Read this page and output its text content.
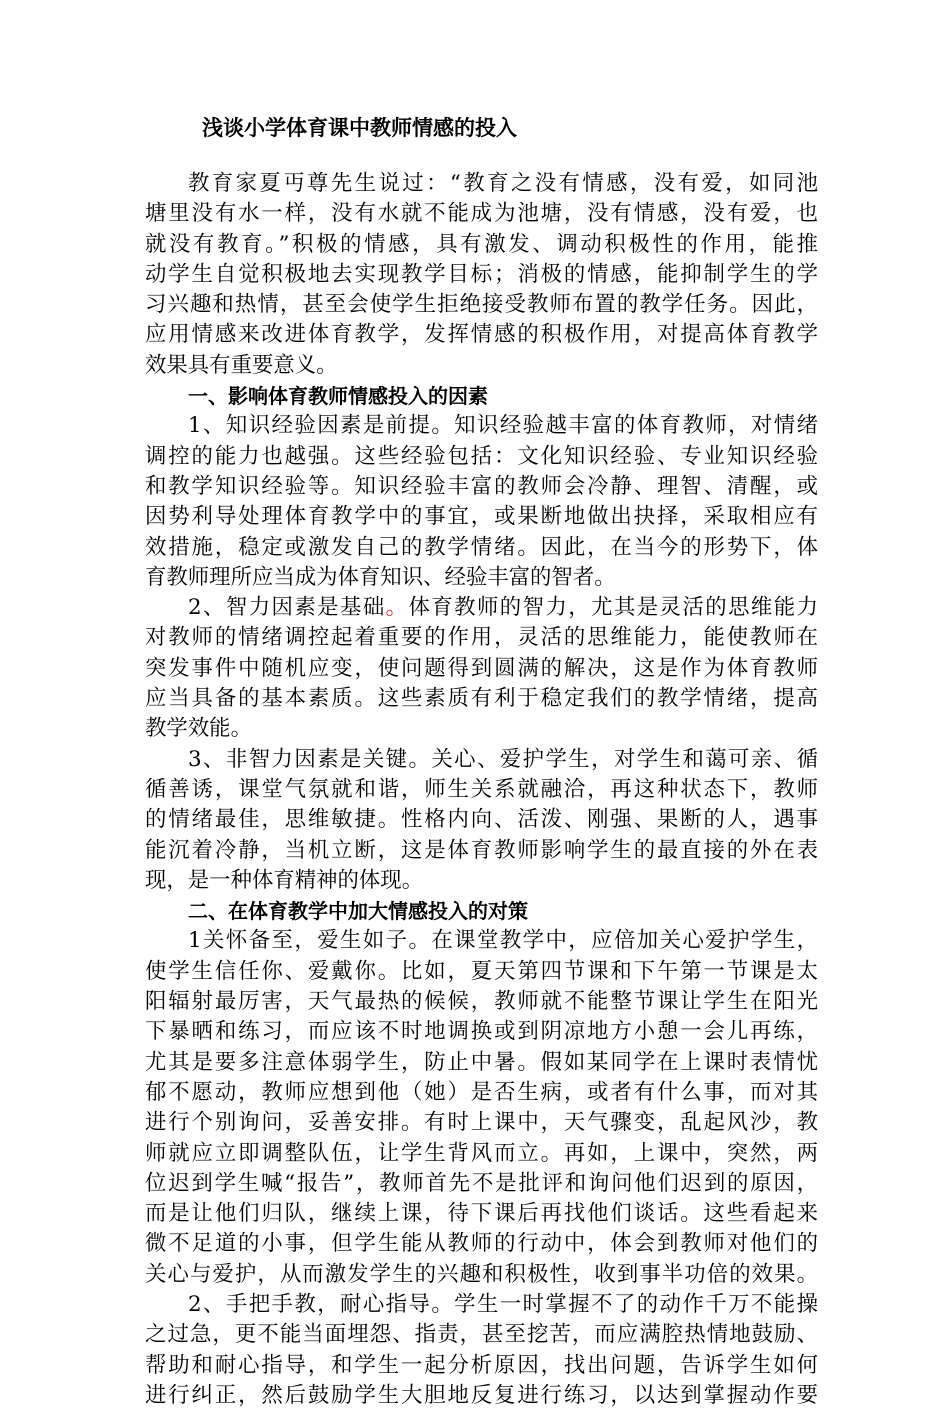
浅谈小学体育课中教师情感的投入
教育家夏丏尊先生说过：“教育之没有情感，没有爱，如同池
塘里没有水一样，没有水就不能成为池塘，没有情感，没有爱，也
就没有教育。”积极的情感，具有激发、调动积极性的作用，能推
动学生自觉积极地去实现教学目标；消极的情感，能抑制学生的学
习兴趣和热情，甚至会使学生拒绝接受教师布置的教学任务。因此，
应用情感来改进体育教学，发挥情感的积极作用，对提高体育教学
效果具有重要意义。
一、影响体育教师情感投入的因素
1、知识经验因素是前提。知识经验越丰富的体育教师，对情绪
调控的能力也越强。这些经验包括：文化知识经验、专业知识经验
和教学知识经验等。知识经验丰富的教师会冷静、理智、清醒，或
因势利导处理体育教学中的事宜，或果断地做出抉择，采取相应有
效措施，稳定或激发自己的教学情绪。因此，在当今的形势下，体
育教师理所应当成为体育知识、经验丰富的智者。
2、智力因素是基础。体育教师的智力，尤其是灵活的思维能力
对教师的情绪调控起着重要的作用，灵活的思维能力，能使教师在
突发事件中随机应变，使问题得到圆满的解决，这是作为体育教师
应当具备的基本素质。这些素质有利于稳定我们的教学情绪，提高
教学效能。
3、非智力因素是关键。关心、爱护学生，对学生和蔼可亲、循
循善诱，课堂气氛就和谐，师生关系就融洽，再这种状态下，教师
的情绪最佳，思维敏捷。性格内向、活泼、刚强、果断的人，遇事
能沉着冷静，当机立断，这是体育教师影响学生的最直接的外在表
现，是一种体育精神的体现。
二、在体育教学中加大情感投入的对策
1关怀备至，爱生如子。在课堂教学中，应倍加关心爱护学生，
使学生信任你、爱戴你。比如，夏天第四节课和下午第一节课是太
阳辐射最厉害，天气最热的候候，教师就不能整节课让学生在阳光
下暴晒和练习，而应该不时地调换或到阴凉地方小憩一会儿再练，
尤其是要多注意体弱学生，防止中暑。假如某同学在上课时表情忧
郁不愿动，教师应想到他（她）是否生病，或者有什么事，而对其
进行个别询问，妥善安排。有时上课中，天气骤变，乱起风沙，教
师就应立即调整队伍，让学生背风而立。再如，上课中，突然，两
位迟到学生喊“报告”，教师首先不是批评和询问他们迟到的原因，
而是让他们归队，继续上课，待下课后再找他们谈话。这些看起来
微不足道的小事，但学生能从教师的行动中，体会到教师对他们的
关心与爱护，从而激发学生的兴趣和积极性，收到事半功倍的效果。
2、手把手教，耐心指导。学生一时掌握不了的动作千万不能操
之过急，更不能当面埋怨、指责，甚至挖苦，而应满腔热情地鼓励、
帮助和耐心指导，和学生一起分析原因，找出问题，告诉学生如何
进行纠正，然后鼓励学生大胆地反复进行练习，以达到掌握动作要
